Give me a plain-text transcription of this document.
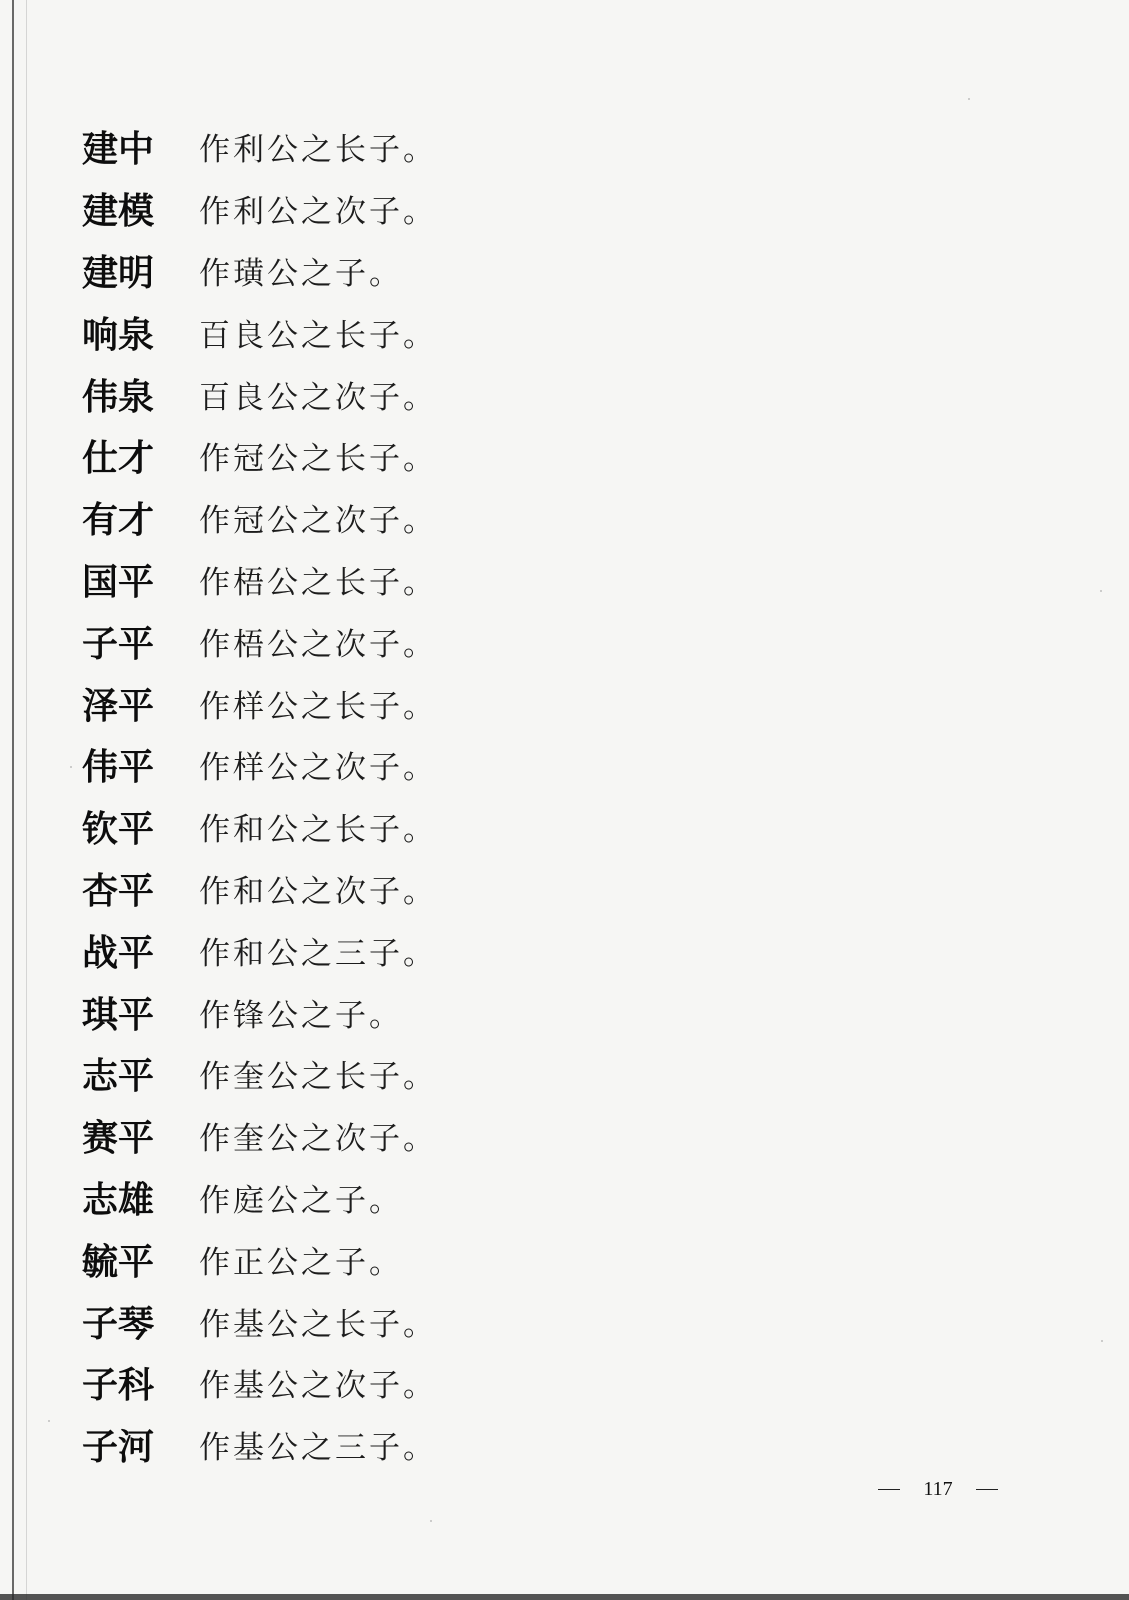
建中	作利公之长子。
建模	作利公之次子。
建明	作璜公之子。
响泉	百良公之长子。
伟泉	百良公之次子。
仕才	作冠公之长子。
有才	作冠公之次子。
国平	作梧公之长子。
子平	作梧公之次子。
泽平	作样公之长子。
伟平	作样公之次子。
钦平	作和公之长子。
杏平	作和公之次子。
战平	作和公之三子。
琪平	作锋公之子。
志平	作奎公之长子。
赛平	作奎公之次子。
志雄	作庭公之子。
毓平	作正公之子。
子琴	作基公之长子。
子科	作基公之次子。
子河	作基公之三子。
117
